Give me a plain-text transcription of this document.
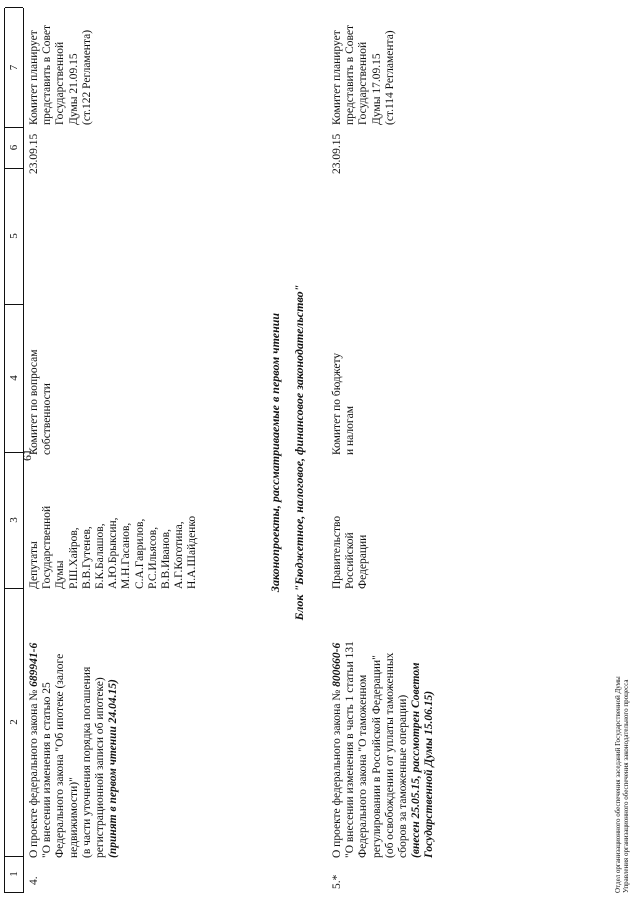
61
1
2
3
4
5
6
7
4.
О проекте федерального закона № 689941-6
"О внесении изменения в статью 25 Федерального закона "Об ипотеке (залоге недвижимости)" (в части уточнения порядка погашения регистрационной записи об ипотеке) (принят в первом чтении 24.04.15)
Депутаты Государственной Думы Р.Ш.Хайров, В.В.Гутенев, Б.К.Балашов, А.Ю.Брыксин, М.Н.Гасанов, С.А.Гаврилов, Р.С.Ильясов, В.В.Иванов, А.Г.Коготина, Н.А.Шайденко
Комитет по вопросам собственности
23.09.15
Комитет планирует представить в Совет Государственной Думы 21.09.15 (ст.122 Регламента)
Законопроекты, рассматриваемые в первом чтении Блок "Бюджетное, налоговое, финансовое законодательство"
5.*
О проекте федерального закона № 800660-6 "О внесении изменения в часть 1 статьи 131 Федерального закона "О таможенном регулировании в Российской Федерации" (об освобождении от уплаты таможенных сборов за таможенные операции) (внесен 25.05.15, рассмотрен Советом Государственной Думы 15.06.15)
Правительство Российской Федерации
Комитет по бюджету и налогам
23.09.15
Комитет планирует представить в Совет Государственной Думы 17.09.15 (ст.114 Регламента)
Отдел организационного обеспечения заседаний Государственной Думы Управления организационного обеспечения законодательного процесса
